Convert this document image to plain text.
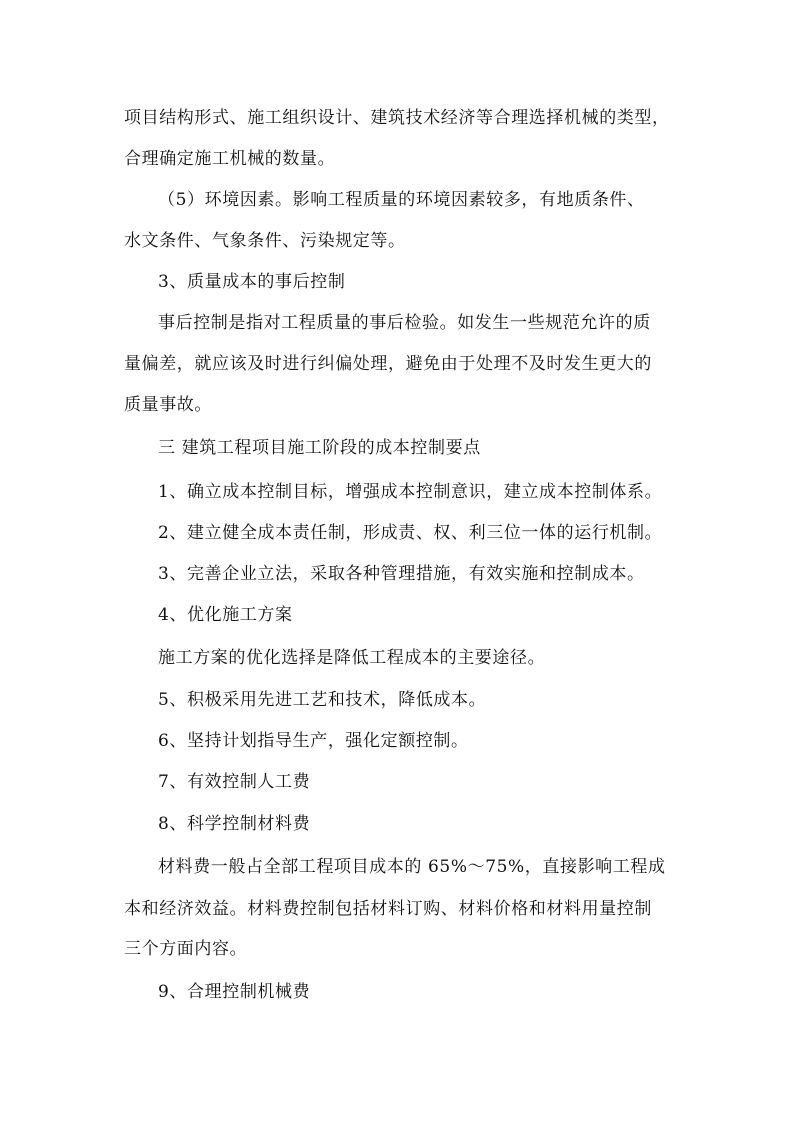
项目结构形式、施工组织设计、建筑技术经济等合理选择机械的类型，
合理确定施工机械的数量。
（5）环境因素。影响工程质量的环境因素较多，有地质条件、
水文条件、气象条件、污染规定等。
3、质量成本的事后控制
事后控制是指对工程质量的事后检验。如发生一些规范允许的质
量偏差，就应该及时进行纠偏处理，避免由于处理不及时发生更大的
质量事故。
三 建筑工程项目施工阶段的成本控制要点
1、确立成本控制目标，增强成本控制意识，建立成本控制体系。
2、建立健全成本责任制，形成责、权、利三位一体的运行机制。
3、完善企业立法，采取各种管理措施，有效实施和控制成本。
4、优化施工方案
施工方案的优化选择是降低工程成本的主要途径。
5、积极采用先进工艺和技术，降低成本。
6、坚持计划指导生产，强化定额控制。
7、有效控制人工费
8、科学控制材料费
材料费一般占全部工程项目成本的 65%～75%，直接影响工程成
本和经济效益。材料费控制包括材料订购、材料价格和材料用量控制
三个方面内容。
9、合理控制机械费
